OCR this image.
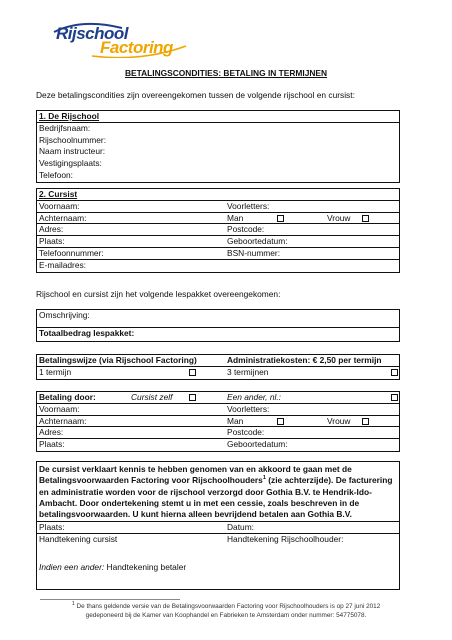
Rijschool
Factoring
BETALINGSCONDITIES: BETALING IN TERMIJNEN
Deze betalingscondities zijn overeengekomen tussen de volgende rijschool en cursist:
1. De Rijschool
Bedrijfsnaam:
Rijschoolnummer:
Naam instructeur:
Vestigingsplaats:
Telefoon:
2. Cursist
Voornaam:	Voorletters:
Achternaam:	Man	Vrouw
Adres:	Postcode:
Plaats:	Geboortedatum:
Telefoonnummer:	BSN-nummer:
E-mailadres:
Rijschool en cursist zijn het volgende lespakket overeengekomen:
Omschrijving:
Totaalbedrag lespakket:
Betalingswijze (via Rijschool Factoring)	Administratiekosten: € 2,50 per termijn
1 termijn	3 termijnen
Betaling door:	Cursist zelf	Een ander, nl.:
Voornaam:	Voorletters:
Achternaam:	Man	Vrouw
Adres:	Postcode:
Plaats:	Geboortedatum:
De cursist verklaart kennis te hebben genomen van en akkoord te gaan met de Betalingsvoorwaarden Factoring voor Rijschoolhouders$^1$ (zie achterzijde). De facturering en administratie worden voor de rijschool verzorgd door Gothia B.V. te Hendrik-Ido-Ambacht. Door ondertekening stemt u in met een cessie, zoals beschreven in de betalingsvoorwaarden. U kunt hierna alleen bevrijdend betalen aan Gothia B.V.
Plaats:	Datum:
Handtekening cursist	Handtekening Rijschoolhouder:
Indien een ander: Handtekening betaler
$^1$ De thans geldende versie van de Betalingsvoorwaarden Factoring voor Rijschoolhouders is op 27 juni 2012
gedeponeerd bij de Kamer van Koophandel en Fabrieken te Amsterdam onder nummer: 54775078.
